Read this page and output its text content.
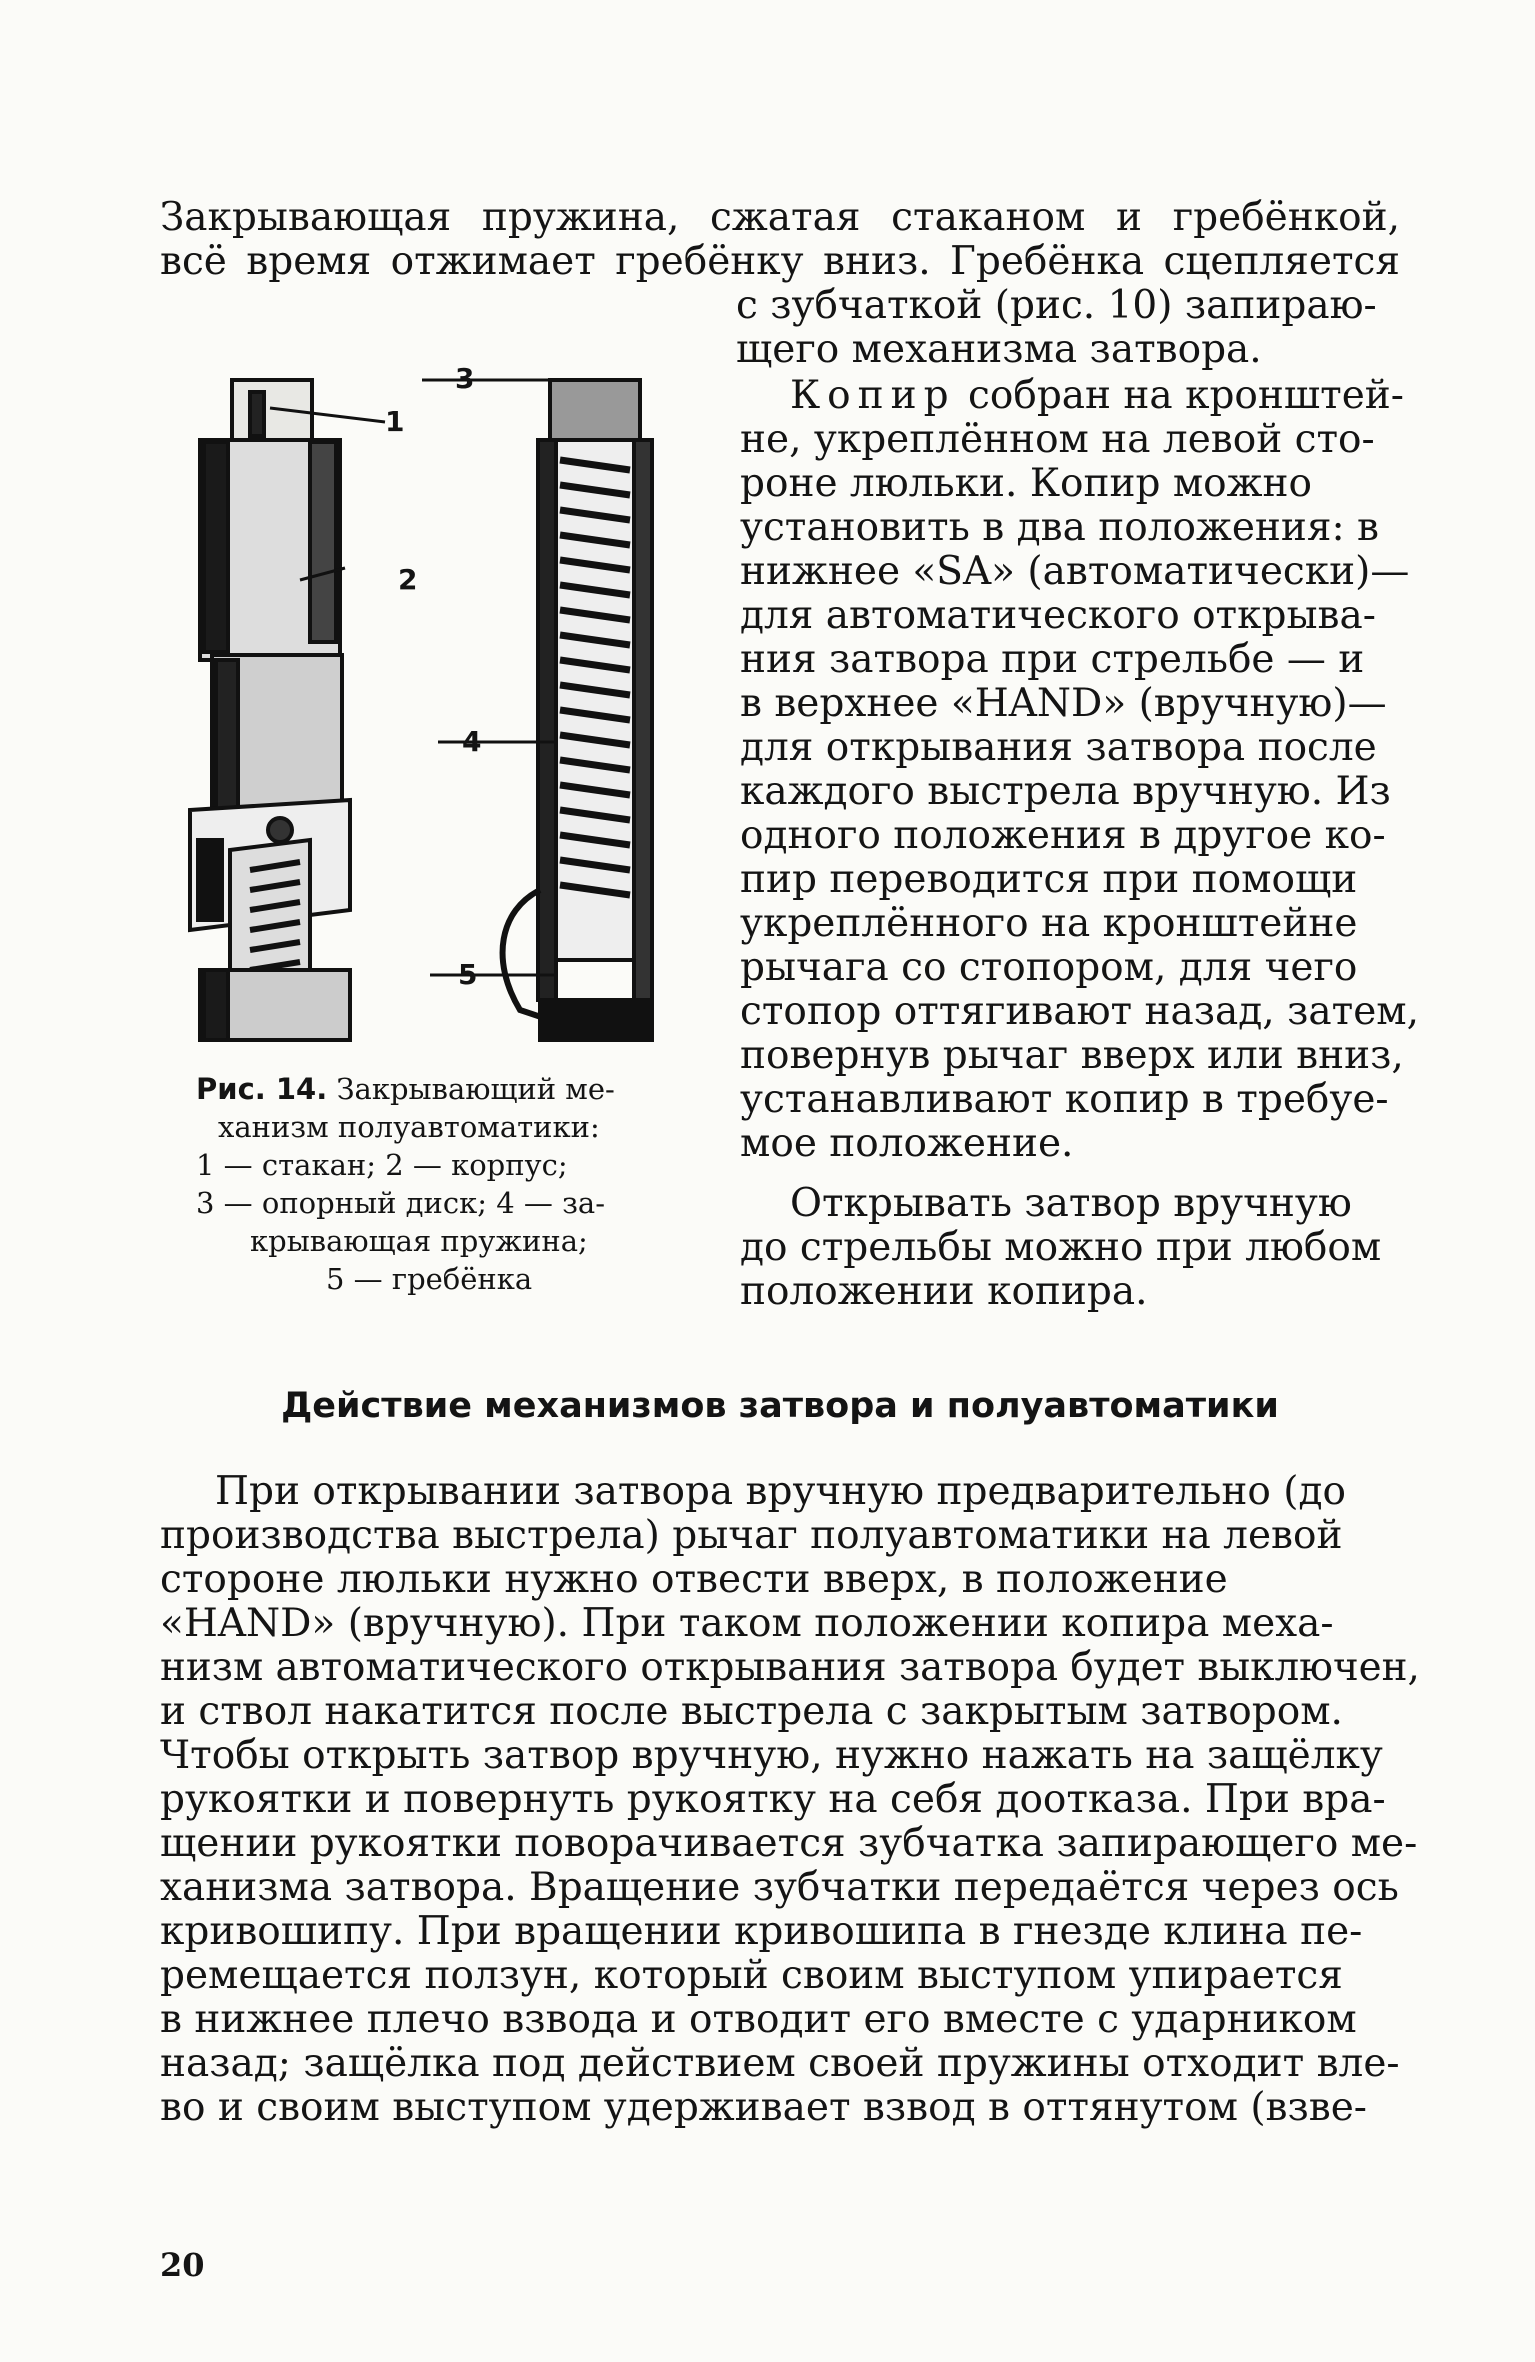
Закрывающая пружина, сжатая стаканом и гребёнкой,
всё время отжимает гребёнку вниз. Гребёнка сцепляется
1
2
3
4
5
Рис. 14. Закрывающий ме-
ханизм полуавтоматики:
1 — стакан; 2 — корпус;
3 — опорный диск; 4 — за-
крывающая пружина;
5 — гребёнка
с зубчаткой (рис. 10) запираю-
щего механизма затвора.
Копир собран на кронштей-
не, укреплённом на левой сто-
роне люльки. Копир можно
установить в два положения: в
нижнее «SA» (автоматически)—
для автоматического открыва-
ния затвора при стрельбе — и
в верхнее «HAND» (вручную)—
для открывания затвора после
каждого выстрела вручную. Из
одного положения в другое ко-
пир переводится при помощи
укреплённого на кронштейне
рычага со стопором, для чего
стопор оттягивают назад, затем,
повернув рычаг вверх или вниз,
устанавливают копир в требуе-
мое положение.
Открывать затвор вручную
до стрельбы можно при любом
положении копира.
Действие механизмов затвора и полуавтоматики
При открывании затвора вручную предварительно (до
производства выстрела) рычаг полуавтоматики на левой
стороне люльки нужно отвести вверх, в положение
«HAND» (вручную). При таком положении копира меха-
низм автоматического открывания затвора будет выключен,
и ствол накатится после выстрела с закрытым затвором.
Чтобы открыть затвор вручную, нужно нажать на защёлку
рукоятки и повернуть рукоятку на себя доотказа. При вра-
щении рукоятки поворачивается зубчатка запирающего ме-
ханизма затвора. Вращение зубчатки передаётся через ось
кривошипу. При вращении кривошипа в гнезде клина пе-
ремещается ползун, который своим выступом упирается
в нижнее плечо взвода и отводит его вместе с ударником
назад; защёлка под действием своей пружины отходит вле-
во и своим выступом удерживает взвод в оттянутом (взве-
20
